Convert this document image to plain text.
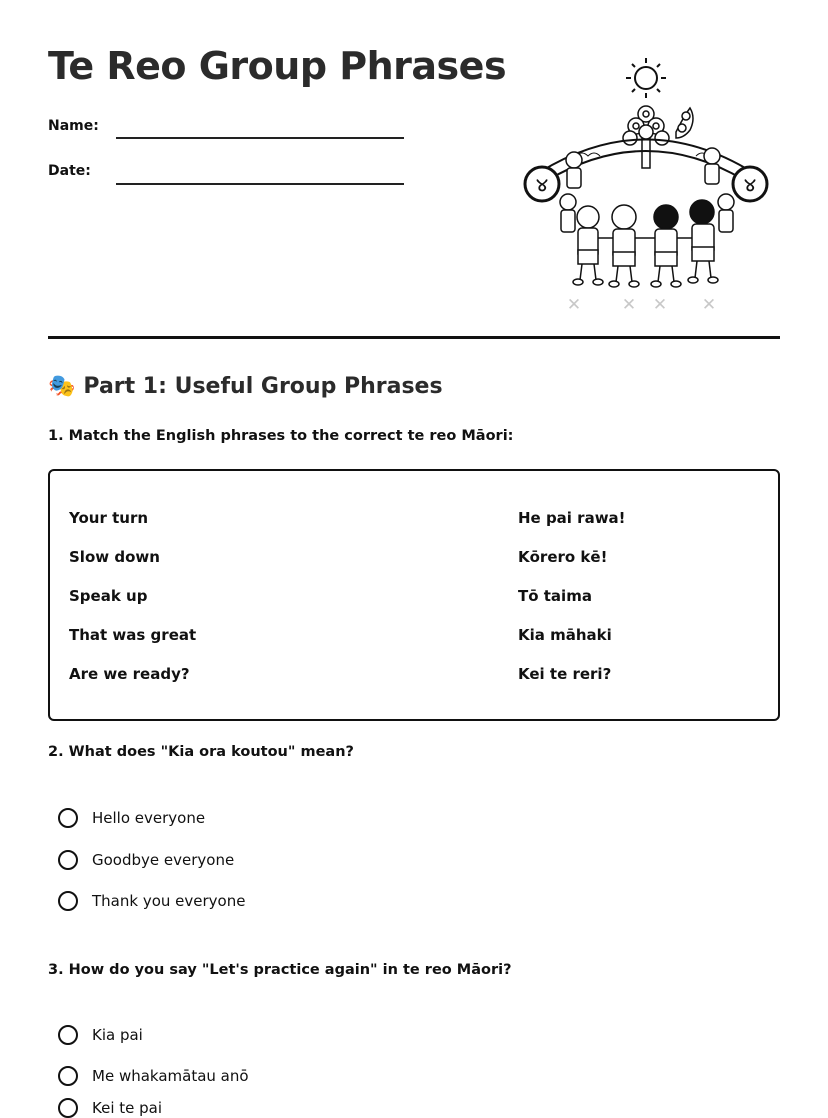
Te Reo Group Phrases
Name:
Date:
୪	୪
✕ ✕ ✕ ✕
🎭 Part 1: Useful Group Phrases
1. Match the English phrases to the correct te reo Māori:
Your turn
Slow down
Speak up
That was great
Are we ready?
He pai rawa!
Kōrero kē!
Tō taima
Kia māhaki
Kei te reri?
2. What does "Kia ora koutou" mean?
Hello everyone
Goodbye everyone
Thank you everyone
3. How do you say "Let's practice again" in te reo Māori?
Kia pai
Me whakamātau anō
Kei te pai
